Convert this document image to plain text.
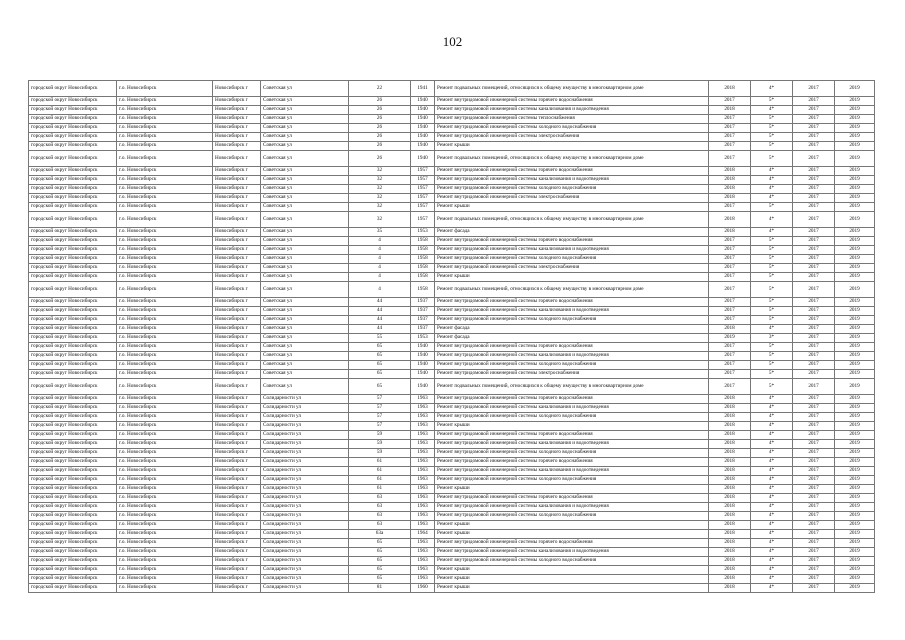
102
городской округ Новосибирск	г.о. Новосибирск	Новосибирск г	Советская ул	22	1941	Ремонт подвальных помещений, относящихся к общему имуществу в многоквартирном доме	2018	4*	2017	2019
городской округ Новосибирск	г.о. Новосибирск	Новосибирск г	Советская ул	26	1940	Ремонт внутридомовой инженерной системы горячего водоснабжения	2017	5*	2017	2019
городской округ Новосибирск	г.о. Новосибирск	Новосибирск г	Советская ул	26	1940	Ремонт внутридомовой инженерной системы канализования и водоотведения	2018	4*	2017	2019
городской округ Новосибирск	г.о. Новосибирск	Новосибирск г	Советская ул	26	1940	Ремонт внутридомовой инженерной системы теплоснабжения	2017	5*	2017	2019
городской округ Новосибирск	г.о. Новосибирск	Новосибирск г	Советская ул	26	1940	Ремонт внутридомовой инженерной системы холодного водоснабжения	2017	5*	2017	2019
городской округ Новосибирск	г.о. Новосибирск	Новосибирск г	Советская ул	26	1940	Ремонт внутридомовой инженерной системы электроснабжения	2017	5*	2017	2019
городской округ Новосибирск	г.о. Новосибирск	Новосибирск г	Советская ул	26	1940	Ремонт крыши	2017	5*	2017	2019
городской округ Новосибирск	г.о. Новосибирск	Новосибирск г	Советская ул	26	1940	Ремонт подвальных помещений, относящихся к общему имуществу в многоквартирном доме	2017	5*	2017	2019
городской округ Новосибирск	г.о. Новосибирск	Новосибирск г	Советская ул	32	1957	Ремонт внутридомовой инженерной системы горячего водоснабжения	2018	4*	2017	2019
городской округ Новосибирск	г.о. Новосибирск	Новосибирск г	Советская ул	32	1957	Ремонт внутридомовой инженерной системы канализования и водоотведения	2018	4*	2017	2019
городской округ Новосибирск	г.о. Новосибирск	Новосибирск г	Советская ул	32	1957	Ремонт внутридомовой инженерной системы холодного водоснабжения	2018	4*	2017	2019
городской округ Новосибирск	г.о. Новосибирск	Новосибирск г	Советская ул	32	1957	Ремонт внутридомовой инженерной системы электроснабжения	2018	4*	2017	2019
городской округ Новосибирск	г.о. Новосибирск	Новосибирск г	Советская ул	32	1957	Ремонт крыши	2017	5*	2017	2019
городской округ Новосибирск	г.о. Новосибирск	Новосибирск г	Советская ул	32	1957	Ремонт подвальных помещений, относящихся к общему имуществу в многоквартирном доме	2018	4*	2017	2019
городской округ Новосибирск	г.о. Новосибирск	Новосибирск г	Советская ул	35	1953	Ремонт фасада	2018	4*	2017	2019
городской округ Новосибирск	г.о. Новосибирск	Новосибирск г	Советская ул	4	1958	Ремонт внутридомовой инженерной системы горячего водоснабжения	2017	5*	2017	2019
городской округ Новосибирск	г.о. Новосибирск	Новосибирск г	Советская ул	4	1958	Ремонт внутридомовой инженерной системы канализования и водоотведения	2017	5*	2017	2019
городской округ Новосибирск	г.о. Новосибирск	Новосибирск г	Советская ул	4	1958	Ремонт внутридомовой инженерной системы холодного водоснабжения	2017	5*	2017	2019
городской округ Новосибирск	г.о. Новосибирск	Новосибирск г	Советская ул	4	1958	Ремонт внутридомовой инженерной системы электроснабжения	2017	5*	2017	2019
городской округ Новосибирск	г.о. Новосибирск	Новосибирск г	Советская ул	4	1958	Ремонт крыши	2017	5*	2017	2019
городской округ Новосибирск	г.о. Новосибирск	Новосибирск г	Советская ул	4	1958	Ремонт подвальных помещений, относящихся к общему имуществу в многоквартирном доме	2017	5*	2017	2019
городской округ Новосибирск	г.о. Новосибирск	Новосибирск г	Советская ул	44	1937	Ремонт внутридомовой инженерной системы горячего водоснабжения	2017	5*	2017	2019
городской округ Новосибирск	г.о. Новосибирск	Новосибирск г	Советская ул	44	1937	Ремонт внутридомовой инженерной системы канализования и водоотведения	2017	5*	2017	2019
городской округ Новосибирск	г.о. Новосибирск	Новосибирск г	Советская ул	44	1937	Ремонт внутридомовой инженерной системы холодного водоснабжения	2017	5*	2017	2019
городской округ Новосибирск	г.о. Новосибирск	Новосибирск г	Советская ул	44	1937	Ремонт фасада	2018	4*	2017	2019
городской округ Новосибирск	г.о. Новосибирск	Новосибирск г	Советская ул	55	1953	Ремонт фасада	2019	3*	2017	2019
городской округ Новосибирск	г.о. Новосибирск	Новосибирск г	Советская ул	65	1940	Ремонт внутридомовой инженерной системы горячего водоснабжения	2017	5*	2017	2019
городской округ Новосибирск	г.о. Новосибирск	Новосибирск г	Советская ул	65	1940	Ремонт внутридомовой инженерной системы канализования и водоотведения	2017	5*	2017	2019
городской округ Новосибирск	г.о. Новосибирск	Новосибирск г	Советская ул	65	1940	Ремонт внутридомовой инженерной системы холодного водоснабжения	2017	5*	2017	2019
городской округ Новосибирск	г.о. Новосибирск	Новосибирск г	Советская ул	65	1940	Ремонт внутридомовой инженерной системы электроснабжения	2017	5*	2017	2019
городской округ Новосибирск	г.о. Новосибирск	Новосибирск г	Советская ул	65	1940	Ремонт подвальных помещений, относящихся к общему имуществу в многоквартирном доме	2017	5*	2017	2019
городской округ Новосибирск	г.о. Новосибирск	Новосибирск г	Солидарности ул	57	1963	Ремонт внутридомовой инженерной системы горячего водоснабжения	2018	4*	2017	2019
городской округ Новосибирск	г.о. Новосибирск	Новосибирск г	Солидарности ул	57	1963	Ремонт внутридомовой инженерной системы канализования и водоотведения	2018	4*	2017	2019
городской округ Новосибирск	г.о. Новосибирск	Новосибирск г	Солидарности ул	57	1963	Ремонт внутридомовой инженерной системы холодного водоснабжения	2018	4*	2017	2019
городской округ Новосибирск	г.о. Новосибирск	Новосибирск г	Солидарности ул	57	1963	Ремонт крыши	2018	4*	2017	2019
городской округ Новосибирск	г.о. Новосибирск	Новосибирск г	Солидарности ул	59	1963	Ремонт внутридомовой инженерной системы горячего водоснабжения	2018	4*	2017	2019
городской округ Новосибирск	г.о. Новосибирск	Новосибирск г	Солидарности ул	59	1963	Ремонт внутридомовой инженерной системы канализования и водоотведения	2018	4*	2017	2019
городской округ Новосибирск	г.о. Новосибирск	Новосибирск г	Солидарности ул	59	1963	Ремонт внутридомовой инженерной системы холодного водоснабжения	2018	4*	2017	2019
городской округ Новосибирск	г.о. Новосибирск	Новосибирск г	Солидарности ул	61	1963	Ремонт внутридомовой инженерной системы горячего водоснабжения	2018	4*	2017	2019
городской округ Новосибирск	г.о. Новосибирск	Новосибирск г	Солидарности ул	61	1963	Ремонт внутридомовой инженерной системы канализования и водоотведения	2018	4*	2017	2019
городской округ Новосибирск	г.о. Новосибирск	Новосибирск г	Солидарности ул	61	1963	Ремонт внутридомовой инженерной системы холодного водоснабжения	2018	4*	2017	2019
городской округ Новосибирск	г.о. Новосибирск	Новосибирск г	Солидарности ул	61	1963	Ремонт крыши	2018	4*	2017	2019
городской округ Новосибирск	г.о. Новосибирск	Новосибирск г	Солидарности ул	63	1963	Ремонт внутридомовой инженерной системы горячего водоснабжения	2018	4*	2017	2019
городской округ Новосибирск	г.о. Новосибирск	Новосибирск г	Солидарности ул	63	1963	Ремонт внутридомовой инженерной системы канализования и водоотведения	2018	4*	2017	2019
городской округ Новосибирск	г.о. Новосибирск	Новосибирск г	Солидарности ул	63	1963	Ремонт внутридомовой инженерной системы холодного водоснабжения	2018	4*	2017	2019
городской округ Новосибирск	г.о. Новосибирск	Новосибирск г	Солидарности ул	63	1963	Ремонт крыши	2018	4*	2017	2019
городской округ Новосибирск	г.о. Новосибирск	Новосибирск г	Солидарности ул	63а	1964	Ремонт крыши	2018	4*	2017	2019
городской округ Новосибирск	г.о. Новосибирск	Новосибирск г	Солидарности ул	65	1963	Ремонт внутридомовой инженерной системы горячего водоснабжения	2018	4*	2017	2019
городской округ Новосибирск	г.о. Новосибирск	Новосибирск г	Солидарности ул	65	1963	Ремонт внутридомовой инженерной системы канализования и водоотведения	2018	4*	2017	2019
городской округ Новосибирск	г.о. Новосибирск	Новосибирск г	Солидарности ул	65	1963	Ремонт внутридомовой инженерной системы холодного водоснабжения	2018	4*	2017	2019
городской округ Новосибирск	г.о. Новосибирск	Новосибирск г	Солидарности ул	65	1963	Ремонт крыши	2018	4*	2017	2019
городской округ Новосибирск	г.о. Новосибирск	Новосибирск г	Солидарности ул	65	1963	Ремонт крыши	2018	4*	2017	2019
городской округ Новосибирск	г.о. Новосибирск	Новосибирск г	Солидарности ул	81	1960	Ремонт крыши	2018	4*	2017	2019
